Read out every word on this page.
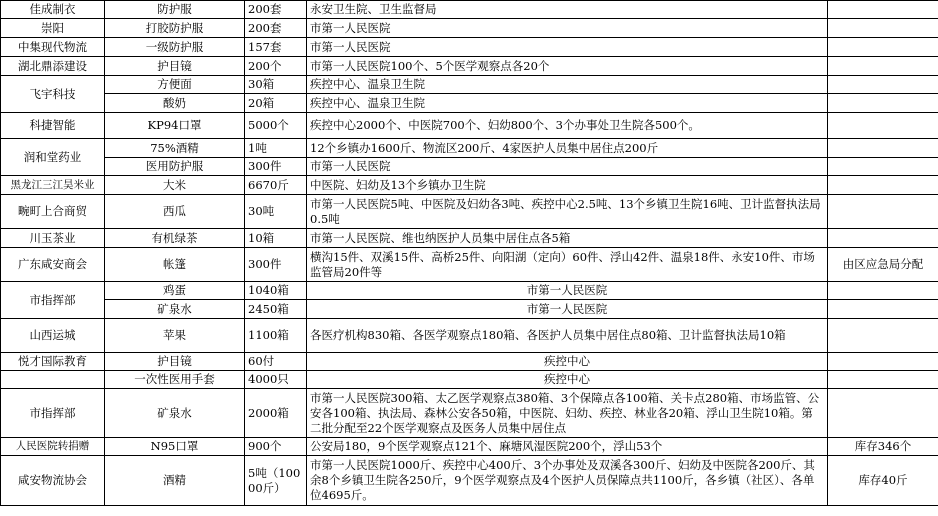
佳成制衣	防护服	200套	永安卫生院、卫生监督局	
崇阳	打胶防护服	200套	市第一人民医院	
中集现代物流	一级防护服	157套	市第一人民医院	
湖北鼎添建设	护目镜	200个	市第一人民医院100个、5个医学观察点各20个	
飞宇科技	方便面	30箱	疾控中心、温泉卫生院	
	酸奶	20箱	疾控中心、温泉卫生院	
科捷智能	KP94口罩	5000个	疾控中心2000个、中医院700个、妇幼800个、3个办事处卫生院各500个。	
润和堂药业	75%酒精	1吨	12个乡镇办1600斤、物流区200斤、4家医护人员集中居住点200斤	
	医用防护服	300件	市第一人民医院	
黑龙江三江昊米业	大米	6670斤	中医院、妇幼及13个乡镇办卫生院	
畹町上合商贸	西瓜	30吨	市第一人民医院5吨、中医院及妇幼各3吨、疾控中心2.5吨、13个乡镇卫生院16吨、卫计监督执法局0.5吨	
川玉茶业	有机绿茶	10箱	市第一人民医院、维也纳医护人员集中居住点各5箱	
广东咸安商会	帐篷	300件	横沟15件、双溪15件、高桥25件、向阳湖（定向）60件、浮山42件、温泉18件、永安10件、市场监管局20件等	由区应急局分配
市指挥部	鸡蛋	1040箱	市第一人民医院	
	矿泉水	2450箱	市第一人民医院	
山西运城	苹果	1100箱	各医疗机构830箱、各医学观察点180箱、各医护人员集中居住点80箱、卫计监督执法局10箱	
悦才国际教育	护目镜	60付	疾控中心	
	一次性医用手套	4000只	疾控中心	
市指挥部	矿泉水	2000箱	市第一人民医院300箱、太乙医学观察点380箱、3个保障点各100箱、关卡点280箱、市场监管、公安各100箱、执法局、森林公安各50箱，中医院、妇幼、疾控、林业各20箱、浮山卫生院10箱。第二批分配至22个医学观察点及医务人员集中居住点	
人民医院转捐赠	N95口罩	900个	公安局180，9个医学观察点121个、麻塘风湿医院200个，浮山53个	库存346个
咸安物流协会	酒精	5吨（10000斤）	市第一人民医院1000斤、疾控中心400斤、3个办事处及双溪各300斤、妇幼及中医院各200斤、其余8个乡镇卫生院各250斤，9个医学观察点及4个医护人员保障点共1100斤，各乡镇（社区）、各单位4695斤。	库存40斤
